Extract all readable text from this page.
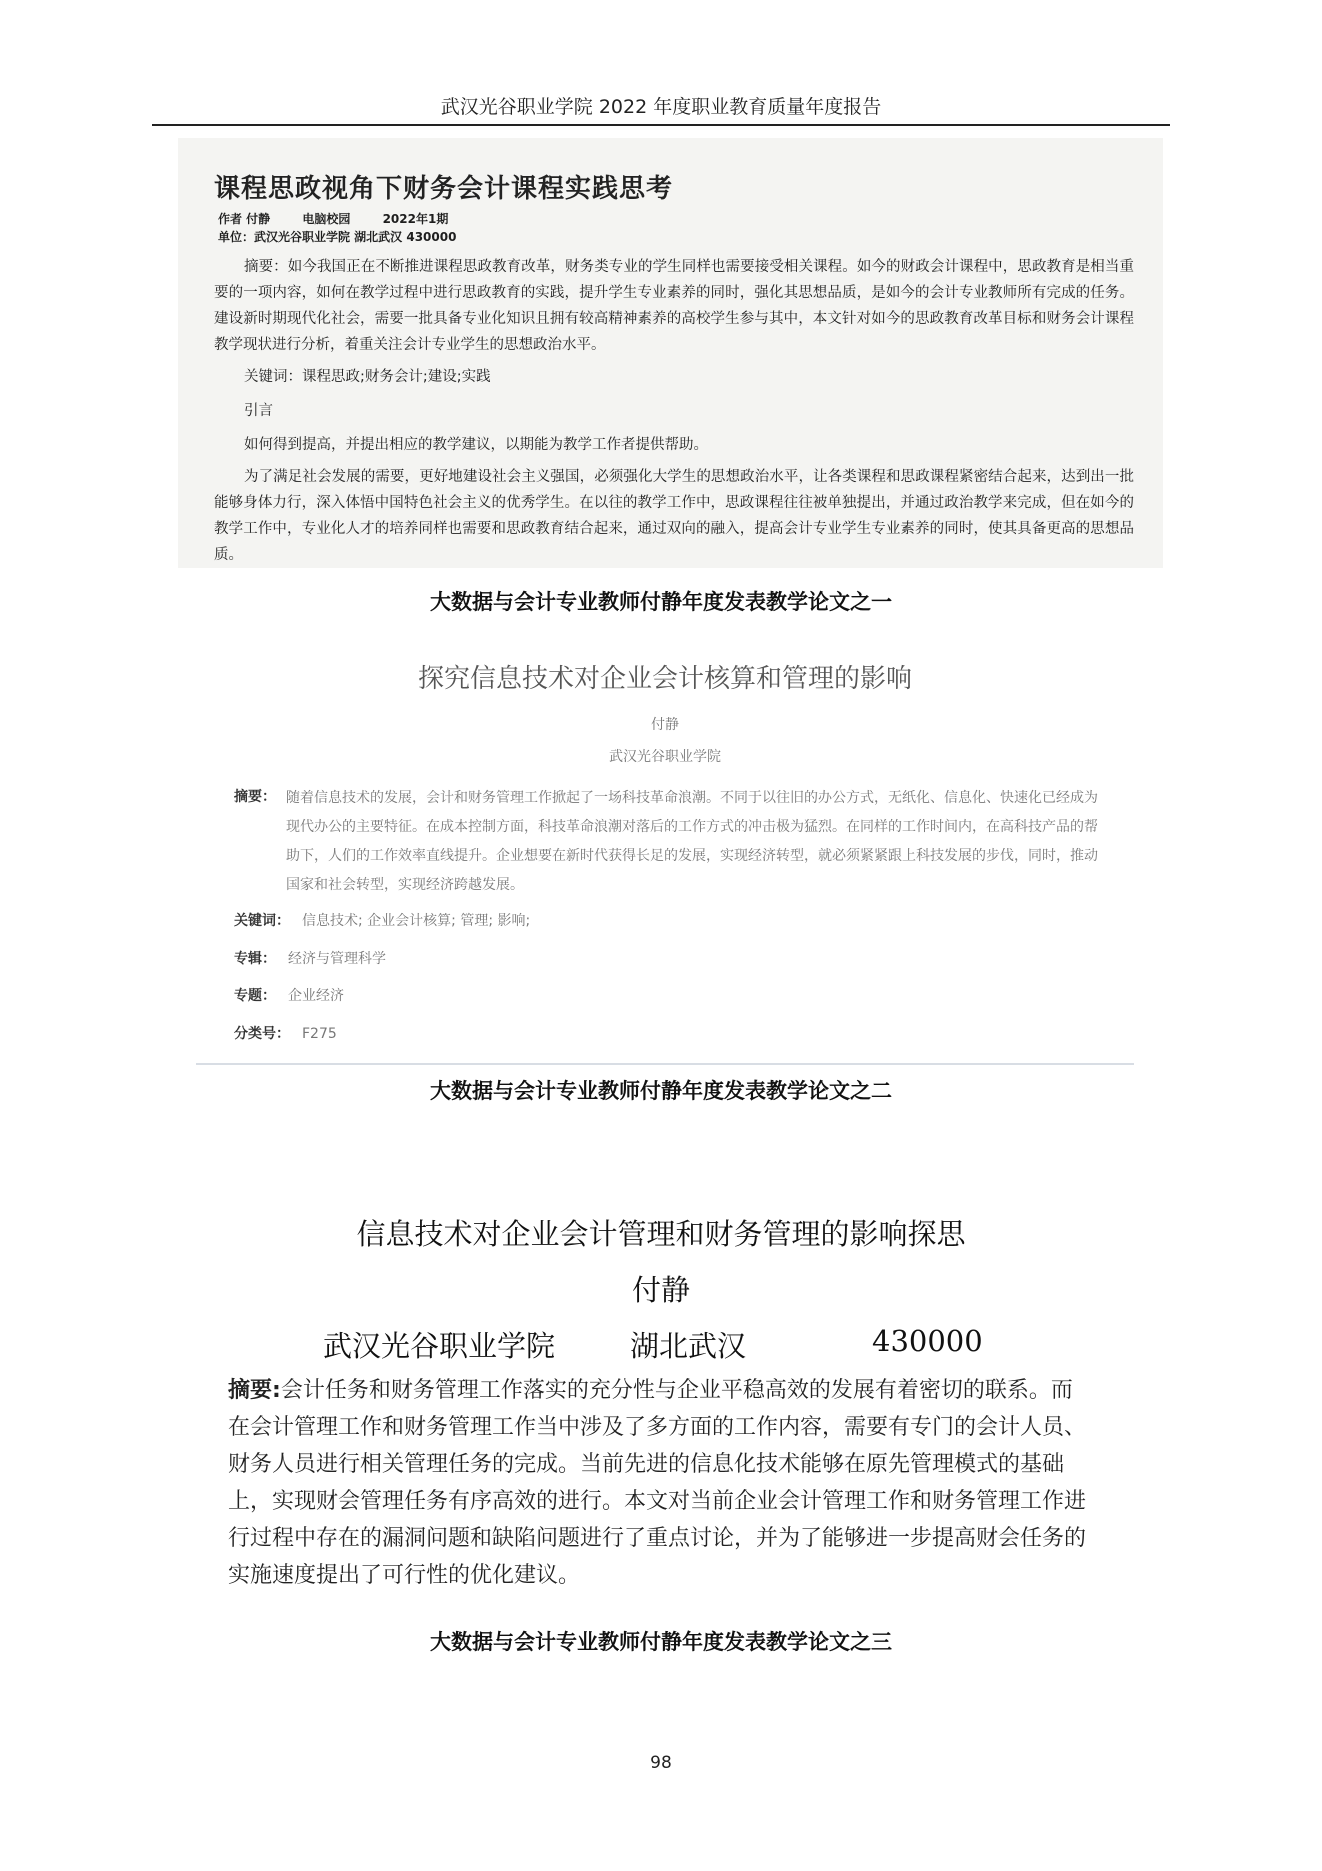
武汉光谷职业学院 2022 年度职业教育质量年度报告
课程思政视角下财务会计课程实践思考
作者 付静	电脑校园	2022年1期
单位：武汉光谷职业学院 湖北武汉 430000
摘要：如今我国正在不断推进课程思政教育改革，财务类专业的学生同样也需要接受相关课程。如今的财政会计课程中，思政教育是相当重要的一项内容，如何在教学过程中进行思政教育的实践，提升学生专业素养的同时，强化其思想品质，是如今的会计专业教师所有完成的任务。建设新时期现代化社会，需要一批具备专业化知识且拥有较高精神素养的高校学生参与其中，本文针对如今的思政教育改革目标和财务会计课程教学现状进行分析，着重关注会计专业学生的思想政治水平。
关键词：课程思政;财务会计;建设;实践
引言
如何得到提高，并提出相应的教学建议，以期能为教学工作者提供帮助。
为了满足社会发展的需要，更好地建设社会主义强国，必须强化大学生的思想政治水平，让各类课程和思政课程紧密结合起来，达到出一批能够身体力行，深入体悟中国特色社会主义的优秀学生。在以往的教学工作中，思政课程往往被单独提出，并通过政治教学来完成，但在如今的教学工作中，专业化人才的培养同样也需要和思政教育结合起来，通过双向的融入，提高会计专业学生专业素养的同时，使其具备更高的思想品质。
大数据与会计专业教师付静年度发表教学论文之一
探究信息技术对企业会计核算和管理的影响
付静
武汉光谷职业学院
摘要： 随着信息技术的发展，会计和财务管理工作掀起了一场科技革命浪潮。不同于以往旧的办公方式，无纸化、信息化、快速化已经成为现代办公的主要特征。在成本控制方面，科技革命浪潮对落后的工作方式的冲击极为猛烈。在同样的工作时间内，在高科技产品的帮助下，人们的工作效率直线提升。企业想要在新时代获得长足的发展，实现经济转型，就必须紧紧跟上科技发展的步伐，同时，推动国家和社会转型，实现经济跨越发展。
关键词： 信息技术; 企业会计核算; 管理; 影响;
专辑： 经济与管理科学
专题： 企业经济
分类号： F275
大数据与会计专业教师付静年度发表教学论文之二
信息技术对企业会计管理和财务管理的影响探思
付静
武汉光谷职业学院	湖北武汉	430000
摘要:会计任务和财务管理工作落实的充分性与企业平稳高效的发展有着密切的联系。而在会计管理工作和财务管理工作当中涉及了多方面的工作内容，需要有专门的会计人员、财务人员进行相关管理任务的完成。当前先进的信息化技术能够在原先管理模式的基础上，实现财会管理任务有序高效的进行。本文对当前企业会计管理工作和财务管理工作进行过程中存在的漏洞问题和缺陷问题进行了重点讨论，并为了能够进一步提高财会任务的实施速度提出了可行性的优化建议。
大数据与会计专业教师付静年度发表教学论文之三
98
